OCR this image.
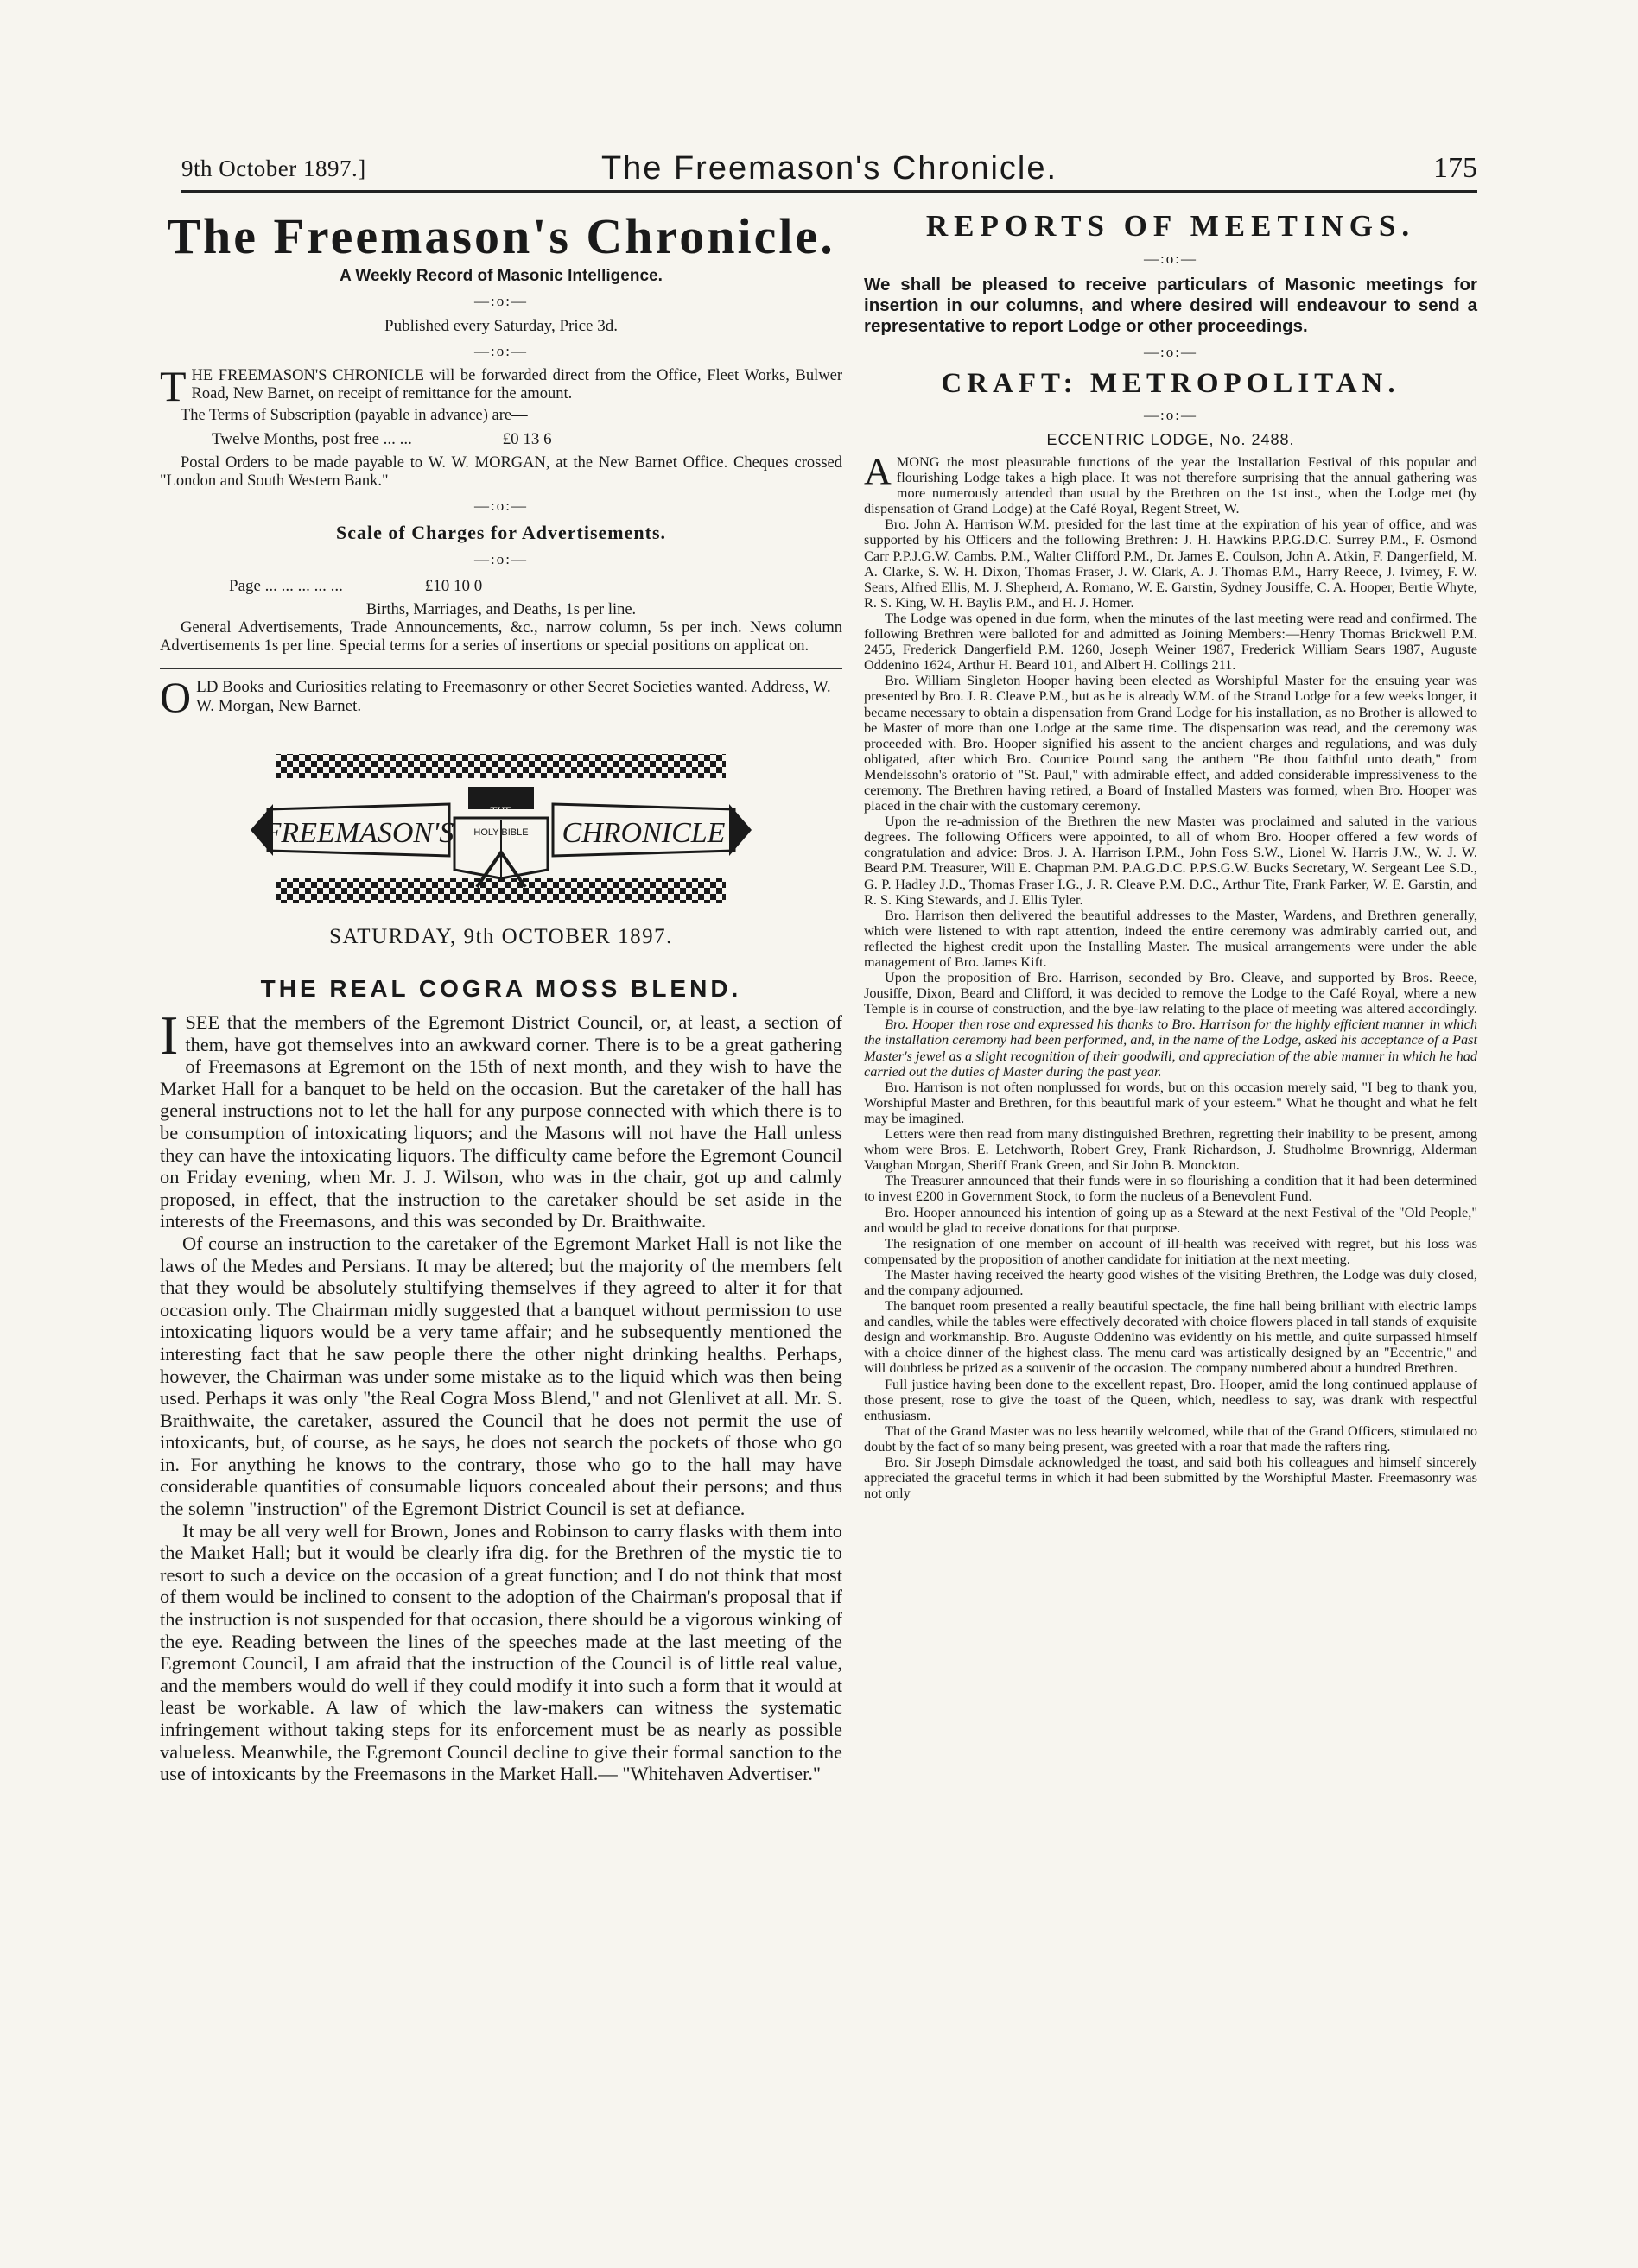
9th October 1897.]	The Freemason's Chronicle.	175
The Freemason's Chronicle.

A Weekly Record of Masonic Intelligence.

—:o:—

Published every Saturday, Price 3d.

—:o:—

T HE FREEMASON'S CHRONICLE will be forwarded direct from the Office, Fleet Works, Bulwer Road, New Barnet, on receipt of remittance for the amount.

The Terms of Subscription (payable in advance) are—

Twelve Months, post free ... ...	£0 13 6

Postal Orders to be made payable to W. W. MORGAN, at the New Barnet Office. Cheques crossed "London and South Western Bank."

—:o:—

Scale of Charges for Advertisements.

—:o:—
Page ... ... ... ... ...	£10 10 0

Births, Marriages, and Deaths, 1s per line.

General Advertisements, Trade Announcements, &c., narrow column, 5s per inch. News column Advertisements 1s per line. Special terms for a series of insertions or special positions on applicat on.

O LD Books and Curiosities relating to Freemasonry or other Secret Societies wanted. Address, W. W. Morgan, New Barnet.

FREEMASON'S	CHRONICLE
THE
HOLY BIBLE

SATURDAY, 9th OCTOBER 1897.

THE REAL COGRA MOSS BLEND.

I SEE that the members of the Egremont District Council, or, at least, a section of them, have got themselves into an awkward corner. There is to be a great gathering of Freemasons at Egremont on the 15th of next month, and they wish to have the Market Hall for a banquet to be held on the occasion. But the caretaker of the hall has general instructions not to let the hall for any purpose connected with which there is to be consumption of intoxicating liquors; and the Masons will not have the Hall unless they can have the intoxicating liquors. The difficulty came before the Egremont Council on Friday evening, when Mr. J. J. Wilson, who was in the chair, got up and calmly proposed, in effect, that the instruction to the caretaker should be set aside in the interests of the Freemasons, and this was seconded by Dr. Braithwaite.

Of course an instruction to the caretaker of the Egremont Market Hall is not like the laws of the Medes and Persians. It may be altered; but the majority of the members felt that they would be absolutely stultifying themselves if they agreed to alter it for that occasion only. The Chairman midly suggested that a banquet without permission to use intoxicating liquors would be a very tame affair; and he subsequently mentioned the interesting fact that he saw people there the other night drinking healths. Perhaps, however, the Chairman was under some mistake as to the liquid which was then being used. Perhaps it was only "the Real Cogra Moss Blend," and not Glenlivet at all. Mr. S. Braithwaite, the caretaker, assured the Council that he does not permit the use of intoxicants, but, of course, as he says, he does not search the pockets of those who go in. For anything he knows to the contrary, those who go to the hall may have considerable quantities of consumable liquors concealed about their persons; and thus the solemn "instruction" of the Egremont District Council is set at defiance.

It may be all very well for Brown, Jones and Robinson to carry flasks with them into the Maıket Hall; but it would be clearly ifra dig. for the Brethren of the mystic tie to resort to such a device on the occasion of a great function; and I do not think that most of them would be inclined to consent to the adoption of the Chairman's proposal that if the instruction is not suspended for that occasion, there should be a vigorous winking of the eye. Reading between the lines of the speeches made at the last meeting of the Egremont Council, I am afraid that the instruction of the Council is of little real value, and the members would do well if they could modify it into such a form that it would at least be workable. A law of which the law-makers can witness the systematic infringement without taking steps for its enforcement must be as nearly as possible valueless. Meanwhile, the Egremont Council decline to give their formal sanction to the use of intoxicants by the Freemasons in the Market Hall.— "Whitehaven Advertiser."

REPORTS OF MEETINGS.
—:o:—

We shall be pleased to receive particulars of Masonic meetings for insertion in our columns, and where desired will endeavour to send a representative to report Lodge or other proceedings.

—:o:—
CRAFT: METROPOLITAN.
—:o:—

ECCENTRIC LODGE, No. 2488.

A MONG the most pleasurable functions of the year the Installation Festival of this popular and flourishing Lodge takes a high place. It was not therefore surprising that the annual gathering was more numerously attended than usual by the Brethren on the 1st inst., when the Lodge met (by dispensation of Grand Lodge) at the Café Royal, Regent Street, W.

Bro. John A. Harrison W.M. presided for the last time at the expiration of his year of office, and was supported by his Officers and the following Brethren: J. H. Hawkins P.P.G.D.C. Surrey P.M., F. Osmond Carr P.P.J.G.W. Cambs. P.M., Walter Clifford P.M., Dr. James E. Coulson, John A. Atkin, F. Dangerfield, M. A. Clarke, S. W. H. Dixon, Thomas Fraser, J. W. Clark, A. J. Thomas P.M., Harry Reece, J. Ivimey, F. W. Sears, Alfred Ellis, M. J. Shepherd, A. Romano, W. E. Garstin, Sydney Jousiffe, C. A. Hooper, Bertie Whyte, R. S. King, W. H. Baylis P.M., and H. J. Homer.

The Lodge was opened in due form, when the minutes of the last meeting were read and confirmed. The following Brethren were balloted for and admitted as Joining Members:—Henry Thomas Brickwell P.M. 2455, Frederick Dangerfield P.M. 1260, Joseph Weiner 1987, Frederick William Sears 1987, Auguste Oddenino 1624, Arthur H. Beard 101, and Albert H. Collings 211.

Bro. William Singleton Hooper having been elected as Worshipful Master for the ensuing year was presented by Bro. J. R. Cleave P.M., but as he is already W.M. of the Strand Lodge for a few weeks longer, it became necessary to obtain a dispensation from Grand Lodge for his installation, as no Brother is allowed to be Master of more than one Lodge at the same time. The dispensation was read, and the ceremony was proceeded with. Bro. Hooper signified his assent to the ancient charges and regulations, and was duly obligated, after which Bro. Courtice Pound sang the anthem "Be thou faithful unto death," from Mendelssohn's oratorio of "St. Paul," with admirable effect, and added considerable impressiveness to the ceremony. The Brethren having retired, a Board of Installed Masters was formed, when Bro. Hooper was placed in the chair with the customary ceremony.

Upon the re-admission of the Brethren the new Master was proclaimed and saluted in the various degrees. The following Officers were appointed, to all of whom Bro. Hooper offered a few words of congratulation and advice: Bros. J. A. Harrison I.P.M., John Foss S.W., Lionel W. Harris J.W., W. J. W. Beard P.M. Treasurer, Will E. Chapman P.M. P.A.G.D.C. P.P.S.G.W. Bucks Secretary, W. Sergeant Lee S.D., G. P. Hadley J.D., Thomas Fraser I.G., J. R. Cleave P.M. D.C., Arthur Tite, Frank Parker, W. E. Garstin, and R. S. King Stewards, and J. Ellis Tyler.

Bro. Harrison then delivered the beautiful addresses to the Master, Wardens, and Brethren generally, which were listened to with rapt attention, indeed the entire ceremony was admirably carried out, and reflected the highest credit upon the Installing Master. The musical arrangements were under the able management of Bro. James Kift.

Upon the proposition of Bro. Harrison, seconded by Bro. Cleave, and supported by Bros. Reece, Jousiffe, Dixon, Beard and Clifford, it was decided to remove the Lodge to the Café Royal, where a new Temple is in course of construction, and the bye-law relating to the place of meeting was altered accordingly.

Bro. Hooper then rose and expressed his thanks to Bro. Harrison for the highly efficient manner in which the installation ceremony had been performed, and, in the name of the Lodge, asked his acceptance of a Past Master's jewel as a slight recognition of their goodwill, and appreciation of the able manner in which he had carried out the duties of Master during the past year.

Bro. Harrison is not often nonplussed for words, but on this occasion merely said, "I beg to thank you, Worshipful Master and Brethren, for this beautiful mark of your esteem." What he thought and what he felt may be imagined.

Letters were then read from many distinguished Brethren, regretting their inability to be present, among whom were Bros. E. Letchworth, Robert Grey, Frank Richardson, J. Studholme Brownrigg, Alderman Vaughan Morgan, Sheriff Frank Green, and Sir John B. Monckton.

The Treasurer announced that their funds were in so flourishing a condition that it had been determined to invest £200 in Government Stock, to form the nucleus of a Benevolent Fund.

Bro. Hooper announced his intention of going up as a Steward at the next Festival of the "Old People," and would be glad to receive donations for that purpose.

The resignation of one member on account of ill-health was received with regret, but his loss was compensated by the proposition of another candidate for initiation at the next meeting.

The Master having received the hearty good wishes of the visiting Brethren, the Lodge was duly closed, and the company adjourned.

The banquet room presented a really beautiful spectacle, the fine hall being brilliant with electric lamps and candles, while the tables were effectively decorated with choice flowers placed in tall stands of exquisite design and workmanship. Bro. Auguste Oddenino was evidently on his mettle, and quite surpassed himself with a choice dinner of the highest class. The menu card was artistically designed by an "Eccentric," and will doubtless be prized as a souvenir of the occasion. The company numbered about a hundred Brethren.

Full justice having been done to the excellent repast, Bro. Hooper, amid the long continued applause of those present, rose to give the toast of the Queen, which, needless to say, was drank with respectful enthusiasm.

That of the Grand Master was no less heartily welcomed, while that of the Grand Officers, stimulated no doubt by the fact of so many being present, was greeted with a roar that made the rafters ring.

Bro. Sir Joseph Dimsdale acknowledged the toast, and said both his colleagues and himself sincerely appreciated the graceful terms in which it had been submitted by the Worshipful Master. Freemasonry was not only
